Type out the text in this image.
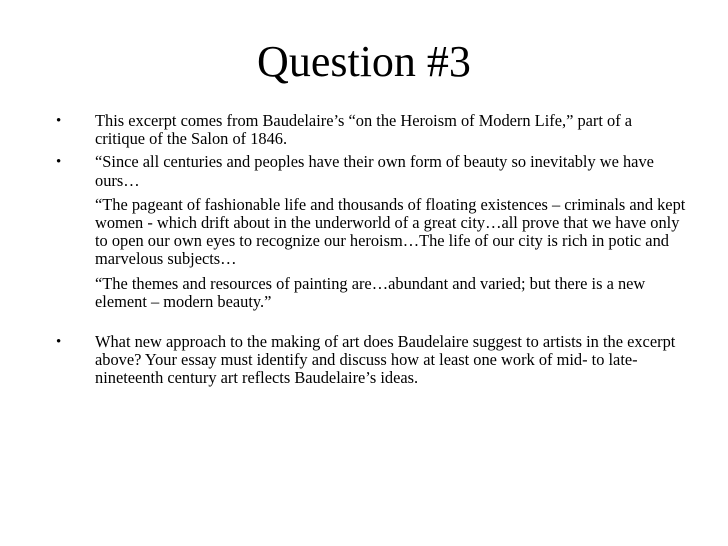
Question #3
•	This excerpt comes from Baudelaire’s “on the Heroism of Modern Life,” part of a critique of the Salon of 1846.

•	“Since all centuries and peoples have their own form of beauty so inevitably we have ours…

“The pageant of fashionable life and thousands of floating existences – criminals and kept women - which drift about in the underworld of a great city…all prove that we have only to open our own eyes to recognize our heroism…The life of our city is rich in potic and marvelous subjects…

“The themes and resources of painting are…abundant and varied; but there is a new element – modern beauty.”

•	What new approach to the making of art does Baudelaire suggest to artists in the excerpt above? Your essay must identify and discuss how at least one work of mid- to late-nineteenth century art reflects Baudelaire’s ideas.
